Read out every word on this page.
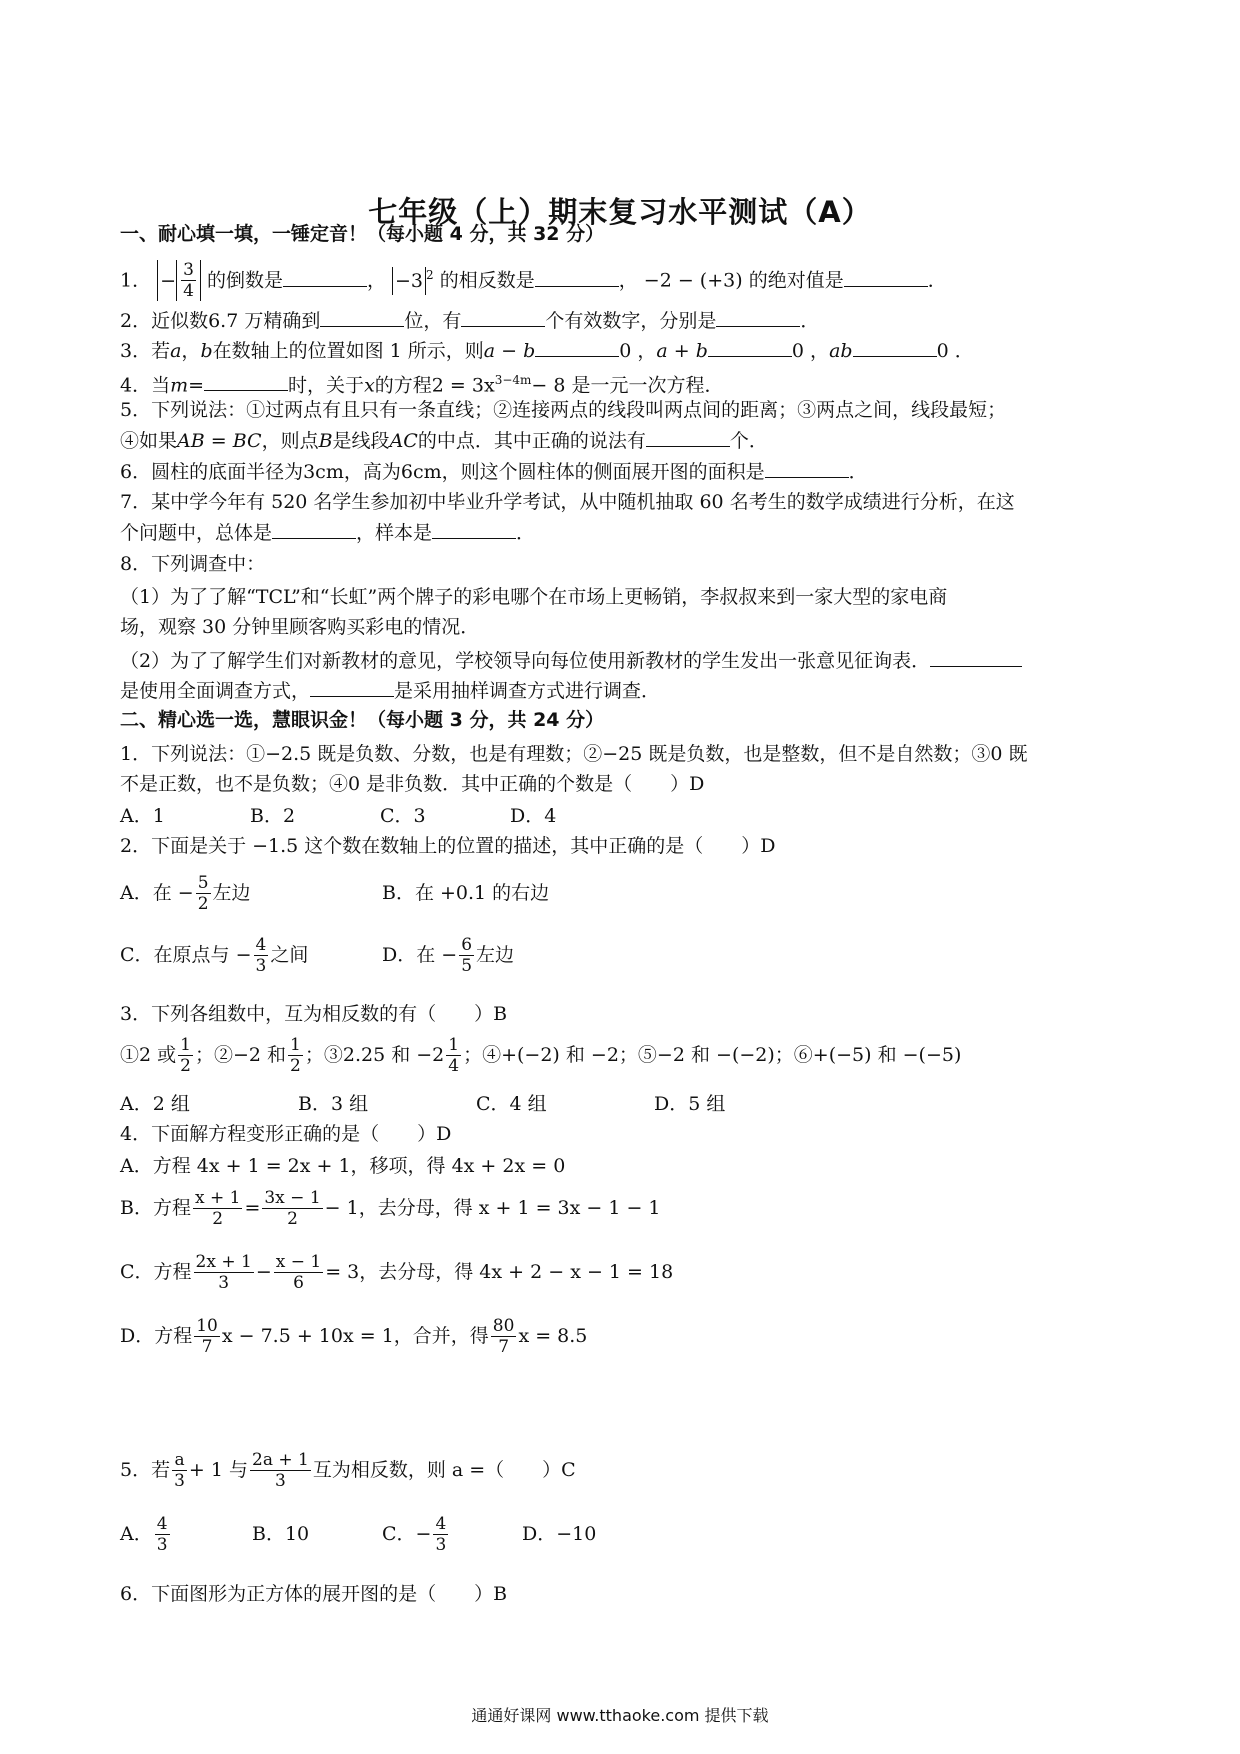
七年级（上）期末复习水平测试（A）
一、耐心填一填，一锤定音！（每小题 4 分，共 32 分）
1． − $\frac{3}{4}$ 的倒数是	， −3 $^2$ 的相反数是	， −2 − (+3) 的绝对值是	．
2．近似数6.7 万精确到	位，有	个有效数字，分别是	．
3．若a，b在数轴上的位置如图 1 所示，则a − b	0 ，a + b	0 ，ab	0 ．
4．当m=	时，关于x的方程$2 = 3x^{3-4m}- 8$ 是一元一次方程．
5．下列说法：①过两点有且只有一条直线；②连接两点的线段叫两点间的距离；③两点之间，线段最短；
④如果AB = BC，则点B是线段AC的中点．其中正确的说法有	个．
6．圆柱的底面半径为3cm，高为6cm，则这个圆柱体的侧面展开图的面积是	．
7．某中学今年有 520 名学生参加初中毕业升学考试，从中随机抽取 60 名考生的数学成绩进行分析，在这
个问题中，总体是	，样本是	．
8．下列调查中：
（1）为了了解“TCL”和“长虹”两个牌子的彩电哪个在市场上更畅销，李叔叔来到一家大型的家电商
场，观察 30 分钟里顾客购买彩电的情况．
（2）为了了解学生们对新教材的意见，学校领导向每位使用新教材的学生发出一张意见征询表．
是使用全面调查方式，	是采用抽样调查方式进行调查．
二、精心选一选，慧眼识金！（每小题 3 分，共 24 分）
1．下列说法：①−2.5 既是负数、分数，也是有理数；②−25 既是负数，也是整数，但不是自然数；③0 既
不是正数，也不是负数；④0 是非负数．其中正确的个数是（　　）D
A．1	B．2	C．3	D．4
2．下面是关于 −1.5 这个数在数轴上的位置的描述，其中正确的是（　　）D
A．在 − $\frac{5}{2}$ 左边	B．在 +0.1 的右边
C．在原点与 − $\frac{4}{3}$ 之间	D．在 − $\frac{6}{5}$ 左边
3．下列各组数中，互为相反数的有（　　）B
①2 或 $\frac{1}{2}$ ；②−2 和 $\frac{1}{2}$ ；③2.25 和 $-2 \frac{1}{4}$ ；④+(−2) 和 −2；⑤−2 和 −(−2)；⑥+(−5) 和 −(−5)
A．2 组	B．3 组	C．4 组	D．5 组
4．下面解方程变形正确的是（　　）D
A．方程 4x + 1 = 2x + 1，移项，得 4x + 2x = 0
B．方程 $\frac{x + 1}{2} = \frac{3x - 1}{2} - 1$，去分母，得 x + 1 = 3x − 1 − 1
C．方程 $\frac{2x + 1}{3} - \frac{x - 1}{6} = 3$，去分母，得 4x + 2 − x − 1 = 18
D．方程 $\frac{10}{7}$ x − 7.5 + 10x = 1，合并，得 $\frac{80}{7}$ x = 8.5
5．若 $\frac{a}{3} + 1$ 与 $\frac{2a + 1}{3}$ 互为相反数，则 a =（　　）C
A． $\frac{4}{3}$	B．10	C．− $\frac{4}{3}$	D．−10
6．下面图形为正方体的展开图的是（　　）B
通通好课网 www.tthaoke.com 提供下载
